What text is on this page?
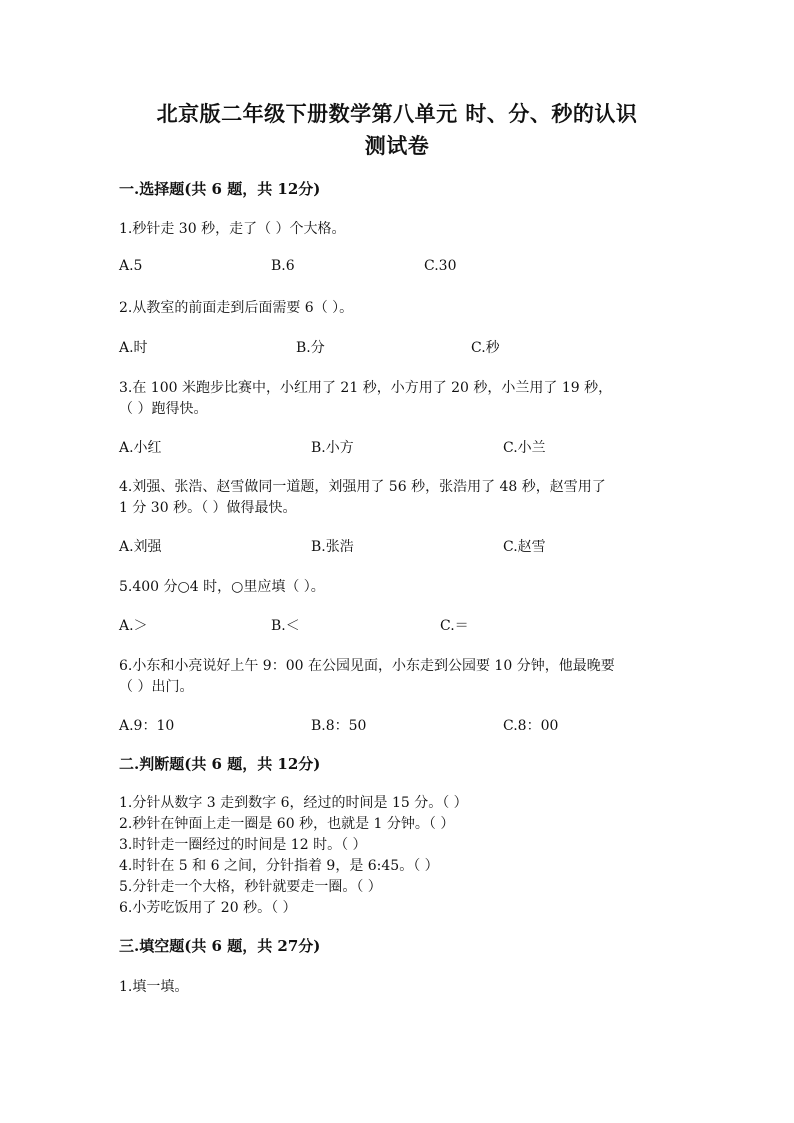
北京版二年级下册数学第八单元 时、分、秒的认识
测试卷
一.选择题(共 6 题，共 12分)
1.秒针走 30 秒，走了（ ）个大格。
A.5	B.6	C.30
2.从教室的前面走到后面需要 6（ ）。
A.时	B.分	C.秒
3.在 100 米跑步比赛中，小红用了 21 秒，小方用了 20 秒，小兰用了 19 秒，
（ ）跑得快。
A.小红	B.小方	C.小兰
4.刘强、张浩、赵雪做同一道题，刘强用了 56 秒，张浩用了 48 秒，赵雪用了
1 分 30 秒。（ ）做得最快。
A.刘强	B.张浩	C.赵雪
5.400 分○4 时，○里应填（ ）。
A.＞	B.＜	C.＝
6.小东和小亮说好上午 9：00 在公园见面，小东走到公园要 10 分钟，他最晚要
（ ）出门。
A.9：10	B.8：50	C.8：00
二.判断题(共 6 题，共 12分)
1.分针从数字 3 走到数字 6，经过的时间是 15 分。（ ）
2.秒针在钟面上走一圈是 60 秒，也就是 1 分钟。（ ）
3.时针走一圈经过的时间是 12 时。（ ）
4.时针在 5 和 6 之间，分针指着 9，是 6:45。（ ）
5.分针走一个大格，秒针就要走一圈。（ ）
6.小芳吃饭用了 20 秒。（ ）
三.填空题(共 6 题，共 27分)
1.填一填。
